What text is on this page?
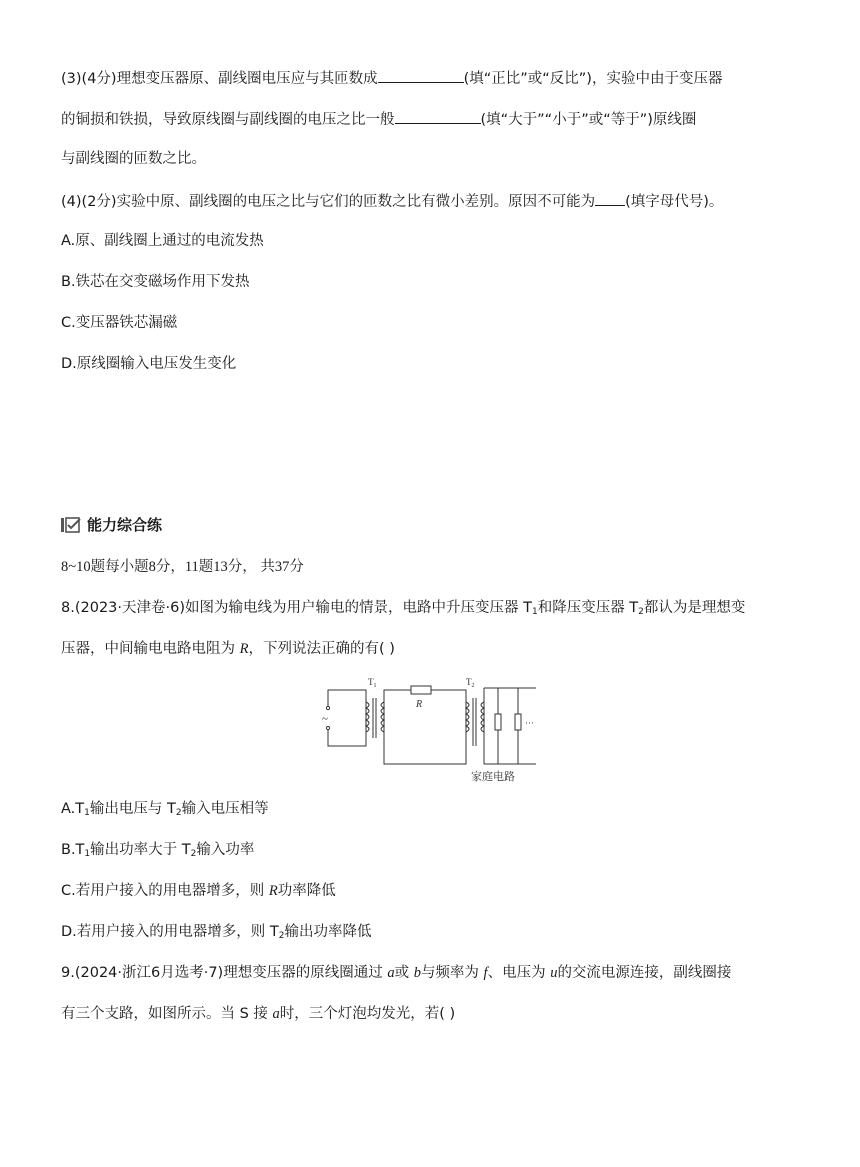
(3)(4分)理想变压器原、副线圈电压应与其匝数成	(填“正比”或“反比”)，实验中由于变压器
的铜损和铁损，导致原线圈与副线圈的电压之比一般	(填“大于”“小于”或“等于”)原线圈
与副线圈的匝数之比。
(4)(2分)实验中原、副线圈的电压之比与它们的匝数之比有微小差别。原因不可能为 (填字母代号)。
A.原、副线圈上通过的电流发热
B.铁芯在交变磁场作用下发热
C.变压器铁芯漏磁
D.原线圈输入电压发生变化
能力综合练
8~10题每小题8分，11题13分， 共37分
8.(2023·天津卷·6)如图为输电线为用户输电的情景，电路中升压变压器 $T_1$和降压变压器 $T_2$都认为是理想变
压器，中间输电电路电阻为 R，下列说法正确的有( )
~
$T_1$	$T_2$
R
···
家庭电路
$A.T_1$输出电压与 $T_2$输入电压相等
$B.T_1$输出功率大于 $T_2$输入功率
C.若用户接入的用电器增多，则 R功率降低
D.若用户接入的用电器增多，则 $T_2$输出功率降低
9.(2024·浙江6月选考·7)理想变压器的原线圈通过 a或 b与频率为 f、电压为 u的交流电源连接，副线圈接
有三个支路，如图所示。当 S 接 a时，三个灯泡均发光，若( )
